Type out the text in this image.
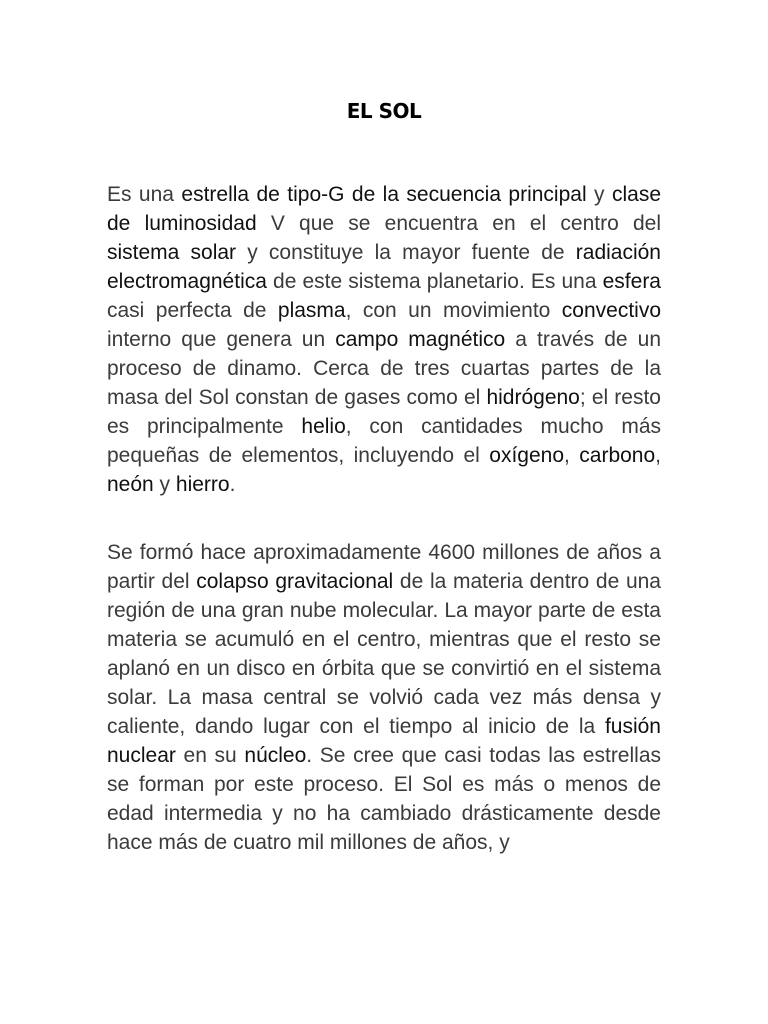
EL SOL

Es una estrella de tipo-G de la secuencia principal y clase de luminosidad V que se encuentra en el centro del sistema solar y constituye la mayor fuente de radiación electromagnética de este sistema planetario. Es una esfera casi perfecta de plasma, con un movimiento convectivo interno que genera un campo magnético a través de un proceso de dinamo. Cerca de tres cuartas partes de la masa del Sol constan de gases como el hidrógeno; el resto es principalmente helio, con cantidades mucho más pequeñas de elementos, incluyendo el oxígeno, carbono, neón y hierro.

Se formó hace aproximadamente 4600 millones de años a partir del colapso gravitacional de la materia dentro de una región de una gran nube molecular. La mayor parte de esta materia se acumuló en el centro, mientras que el resto se aplanó en un disco en órbita que se convirtió en el sistema solar. La masa central se volvió cada vez más densa y caliente, dando lugar con el tiempo al inicio de la fusión nuclear en su núcleo. Se cree que casi todas las estrellas se forman por este proceso. El Sol es más o menos de edad intermedia y no ha cambiado drásticamente desde hace más de cuatro mil millones de años, y
